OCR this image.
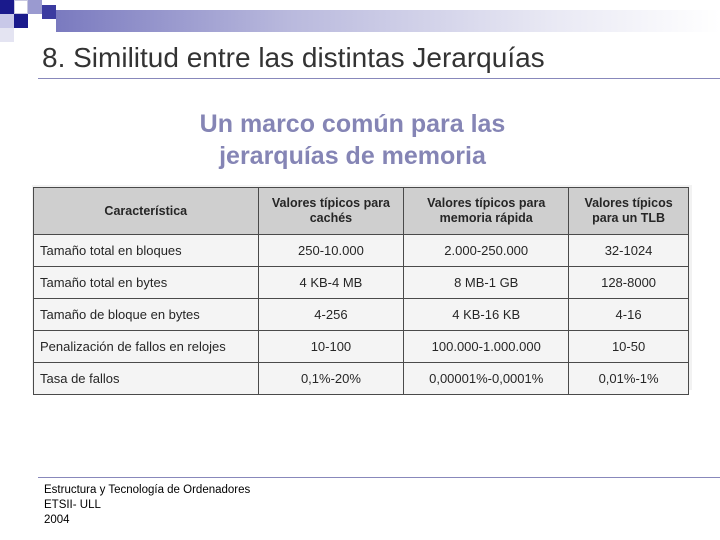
8. Similitud entre las distintas Jerarquías
Un marco común para las jerarquías de memoria
Característica	Valores típicos para cachés	Valores típicos para memoria rápida	Valores típicos para un TLB
Tamaño total en bloques	250-10.000	2.000-250.000	32-1024
Tamaño total en bytes	4 KB-4 MB	8 MB-1 GB	128-8000
Tamaño de bloque en bytes	4-256	4 KB-16 KB	4-16
Penalización de fallos en relojes	10-100	100.000-1.000.000	10-50
Tasa de fallos	0,1%-20%	0,00001%-0,0001%	0,01%-1%
Estructura y Tecnología de Ordenadores
ETSII- ULL
2004
